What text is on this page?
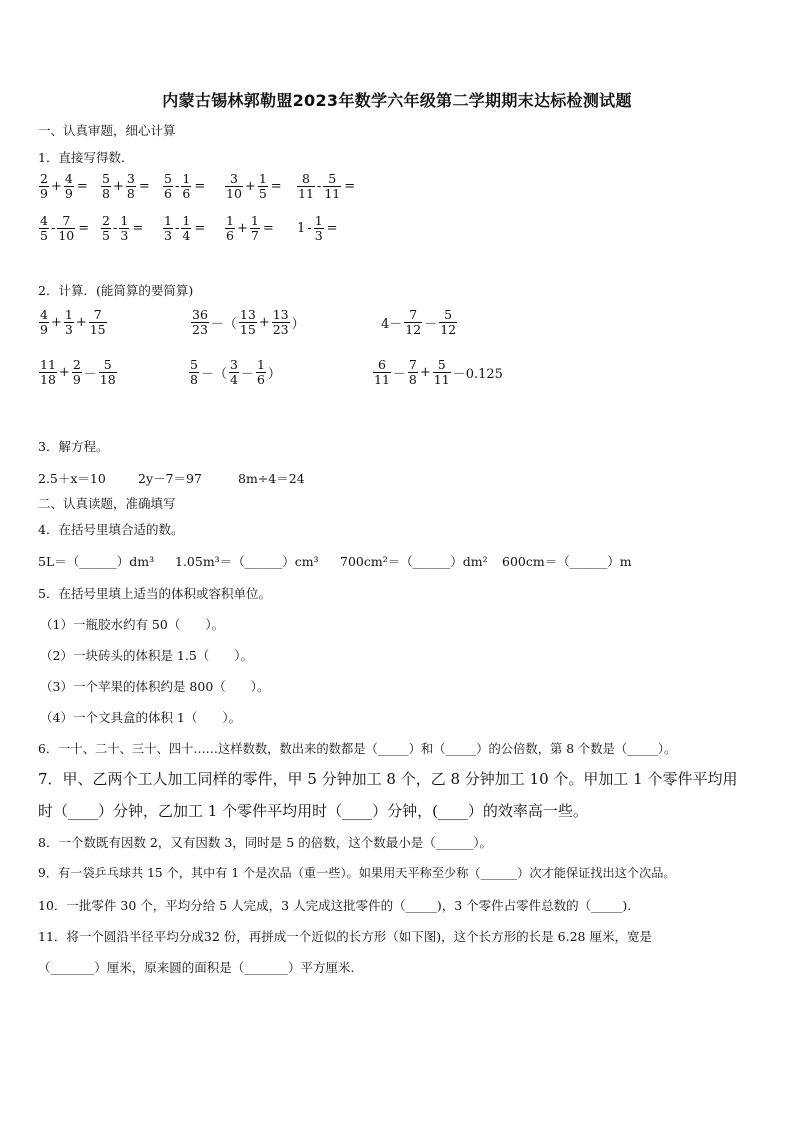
内蒙古锡林郭勒盟2023年数学六年级第二学期期末达标检测试题
一、认真审题，细心计算
1．直接写得数．
$\frac{2}{9} + \frac{4}{9} = \frac{5}{8} + \frac{3}{8} = \frac{5}{6} - \frac{1}{6} = \frac{3}{10} + \frac{1}{5} = \frac{8}{11} - \frac{5}{11}$ =
$\frac{4}{5} - \frac{7}{10} = \frac{2}{5} - \frac{1}{3} = \frac{1}{3} - \frac{1}{4} = \frac{1}{6} + \frac{1}{7} = 1 - \frac{1}{3}$ =
2．计算．(能简算的要简算)
$\frac{4}{9} + \frac{1}{3} + \frac{7}{15}$	$\frac{36}{23}$ －（ $\frac{13}{15} + \frac{13}{23}$ ）	$4- \frac{7}{12} - \frac{5}{12}$
$\frac{11}{18} + \frac{2}{9} - \frac{5}{18}$	$\frac{5}{8}$ －（ $\frac{3}{4} - \frac{1}{6}$ ）	$\frac{6}{11} - \frac{7}{8} + \frac{5}{11} -0.125$
3．解方程。
2.5＋x＝10	2y－7＝97	8m÷4＝24
二、认真读题，准确填写
4．在括号里填合适的数。
5L＝（______）dm³ 1.05m³＝（______）cm³ 700cm²＝（______）dm² 600cm＝（______）m
5．在括号里填上适当的体积或容积单位。
（1）一瓶胶水约有 50（　　）。
（2）一块砖头的体积是 1.5（　　）。
（3）一个苹果的体积约是 800（　　）。
（4）一个文具盒的体积 1（　　）。
6．一十、二十、三十、四十……这样数数，数出来的数都是（_____）和（_____）的公倍数，第 8 个数是（_____）。
7．甲、乙两个工人加工同样的零件，甲 5 分钟加工 8 个，乙 8 分钟加工 10 个。甲加工 1 个零件平均用
时（____）分钟，乙加工 1 个零件平均用时（____）分钟，(____）的效率高一些。
8．一个数既有因数 2，又有因数 3，同时是 5 的倍数，这个数最小是（______）。
9．有一袋乒乓球共 15 个，其中有 1 个是次品（重一些）。如果用天平称至少称（______）次才能保证找出这个次品。
10．一批零件 30 个，平均分给 5 人完成，3 人完成这批零件的（_____)，3 个零件占零件总数的（_____).
11．将一个圆沿半径平均分成32 份，再拼成一个近似的长方形（如下图)，这个长方形的长是 6.28 厘米，宽是
（_______）厘米，原来圆的面积是（_______）平方厘米.
